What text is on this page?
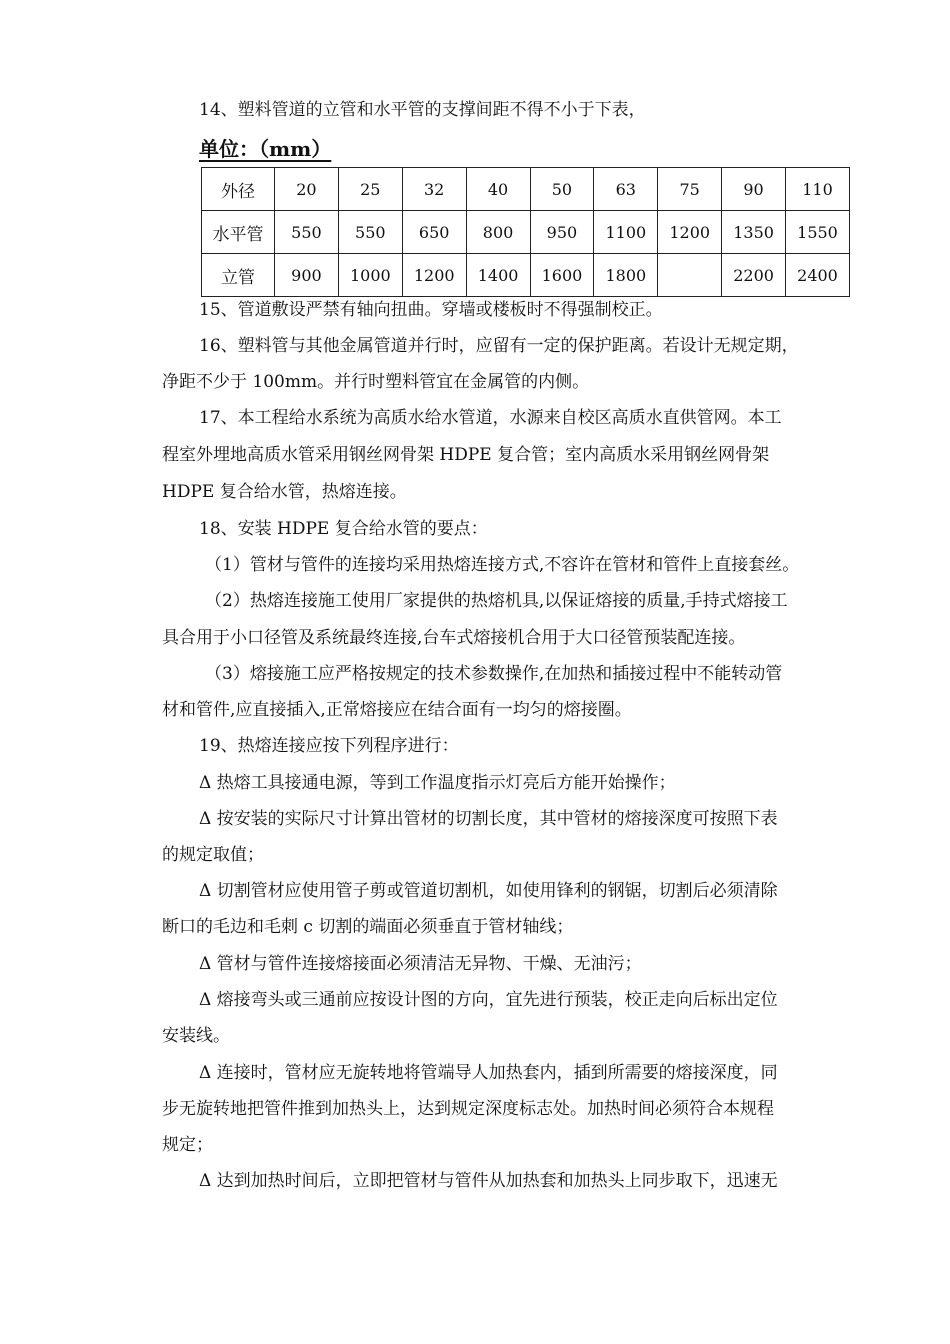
14、塑料管道的立管和水平管的支撑间距不得不小于下表，

单位：（mm）

外径	20	25	32	40	50	63	75	90	110
水平管	550	550	650	800	950	1100	1200	1350	1550
立管	900	1000	1200	1400	1600	1800		2200	2400

15、管道敷设严禁有轴向扭曲。穿墙或楼板时不得强制校正。

16、塑料管与其他金属管道并行时，应留有一定的保护距离。若设计无规定期，

净距不少于 100mm。并行时塑料管宜在金属管的内侧。

17、本工程给水系统为高质水给水管道，水源来自校区高质水直供管网。本工

程室外埋地高质水管采用钢丝网骨架 HDPE 复合管；室内高质水采用钢丝网骨架

HDPE 复合给水管，热熔连接。

18、安装 HDPE 复合给水管的要点：

（1）管材与管件的连接均采用热熔连接方式,不容许在管材和管件上直接套丝。

（2）热熔连接施工使用厂家提供的热熔机具,以保证熔接的质量,手持式熔接工

具合用于小口径管及系统最终连接,台车式熔接机合用于大口径管预装配连接。

（3）熔接施工应严格按规定的技术参数操作,在加热和插接过程中不能转动管

材和管件,应直接插入,正常熔接应在结合面有一均匀的熔接圈。

19、热熔连接应按下列程序进行：

Δ 热熔工具接通电源，等到工作温度指示灯亮后方能开始操作；

Δ 按安装的实际尺寸计算出管材的切割长度，其中管材的熔接深度可按照下表

的规定取值；

Δ 切割管材应使用管子剪或管道切割机，如使用锋利的钢锯，切割后必须清除

断口的毛边和毛刺 c 切割的端面必须垂直于管材轴线；

Δ 管材与管件连接熔接面必须清洁无异物、干燥、无油污；

Δ 熔接弯头或三通前应按设计图的方向，宜先进行预装，校正走向后标出定位

安装线。

Δ 连接时，管材应无旋转地将管端导人加热套内，插到所需要的熔接深度，同

步无旋转地把管件推到加热头上，达到规定深度标志处。加热时间必须符合本规程

规定；

Δ 达到加热时间后，立即把管材与管件从加热套和加热头上同步取下，迅速无
